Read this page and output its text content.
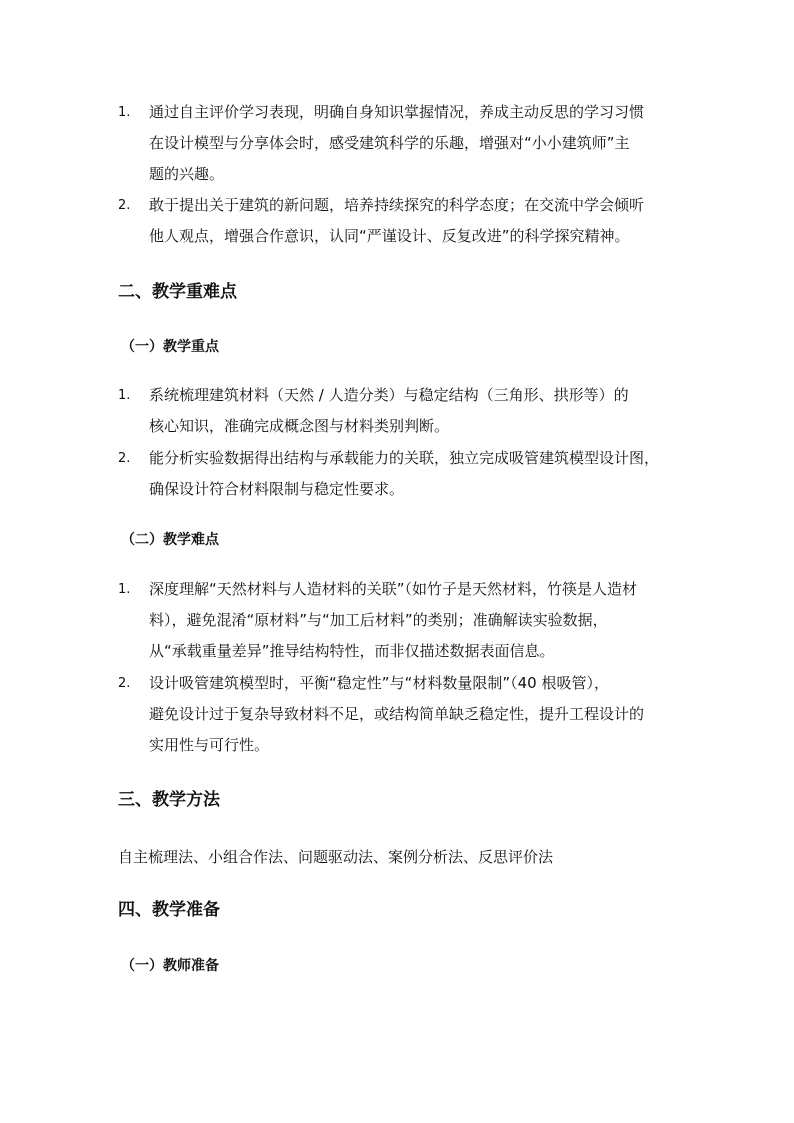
1.	通过自主评价学习表现，明确自身知识掌握情况，养成主动反思的学习习惯
在设计模型与分享体会时，感受建筑科学的乐趣，增强对“小小建筑师”主
题的兴趣。
2.	敢于提出关于建筑的新问题，培养持续探究的科学态度；在交流中学会倾听
他人观点，增强合作意识，认同“严谨设计、反复改进”的科学探究精神。
二、教学重难点
（一）教学重点
1.	系统梳理建筑材料（天然 / 人造分类）与稳定结构（三角形、拱形等）的
核心知识，准确完成概念图与材料类别判断。
2.	能分析实验数据得出结构与承载能力的关联，独立完成吸管建筑模型设计图，
确保设计符合材料限制与稳定性要求。
（二）教学难点
1.	深度理解“天然材料与人造材料的关联”（如竹子是天然材料，竹筷是人造材
料），避免混淆“原材料”与“加工后材料”的类别；准确解读实验数据，
从“承载重量差异”推导结构特性，而非仅描述数据表面信息。
2.	设计吸管建筑模型时，平衡“稳定性”与“材料数量限制”（40 根吸管），
避免设计过于复杂导致材料不足，或结构简单缺乏稳定性，提升工程设计的
实用性与可行性。
三、教学方法
自主梳理法、小组合作法、问题驱动法、案例分析法、反思评价法
四、教学准备
（一）教师准备
